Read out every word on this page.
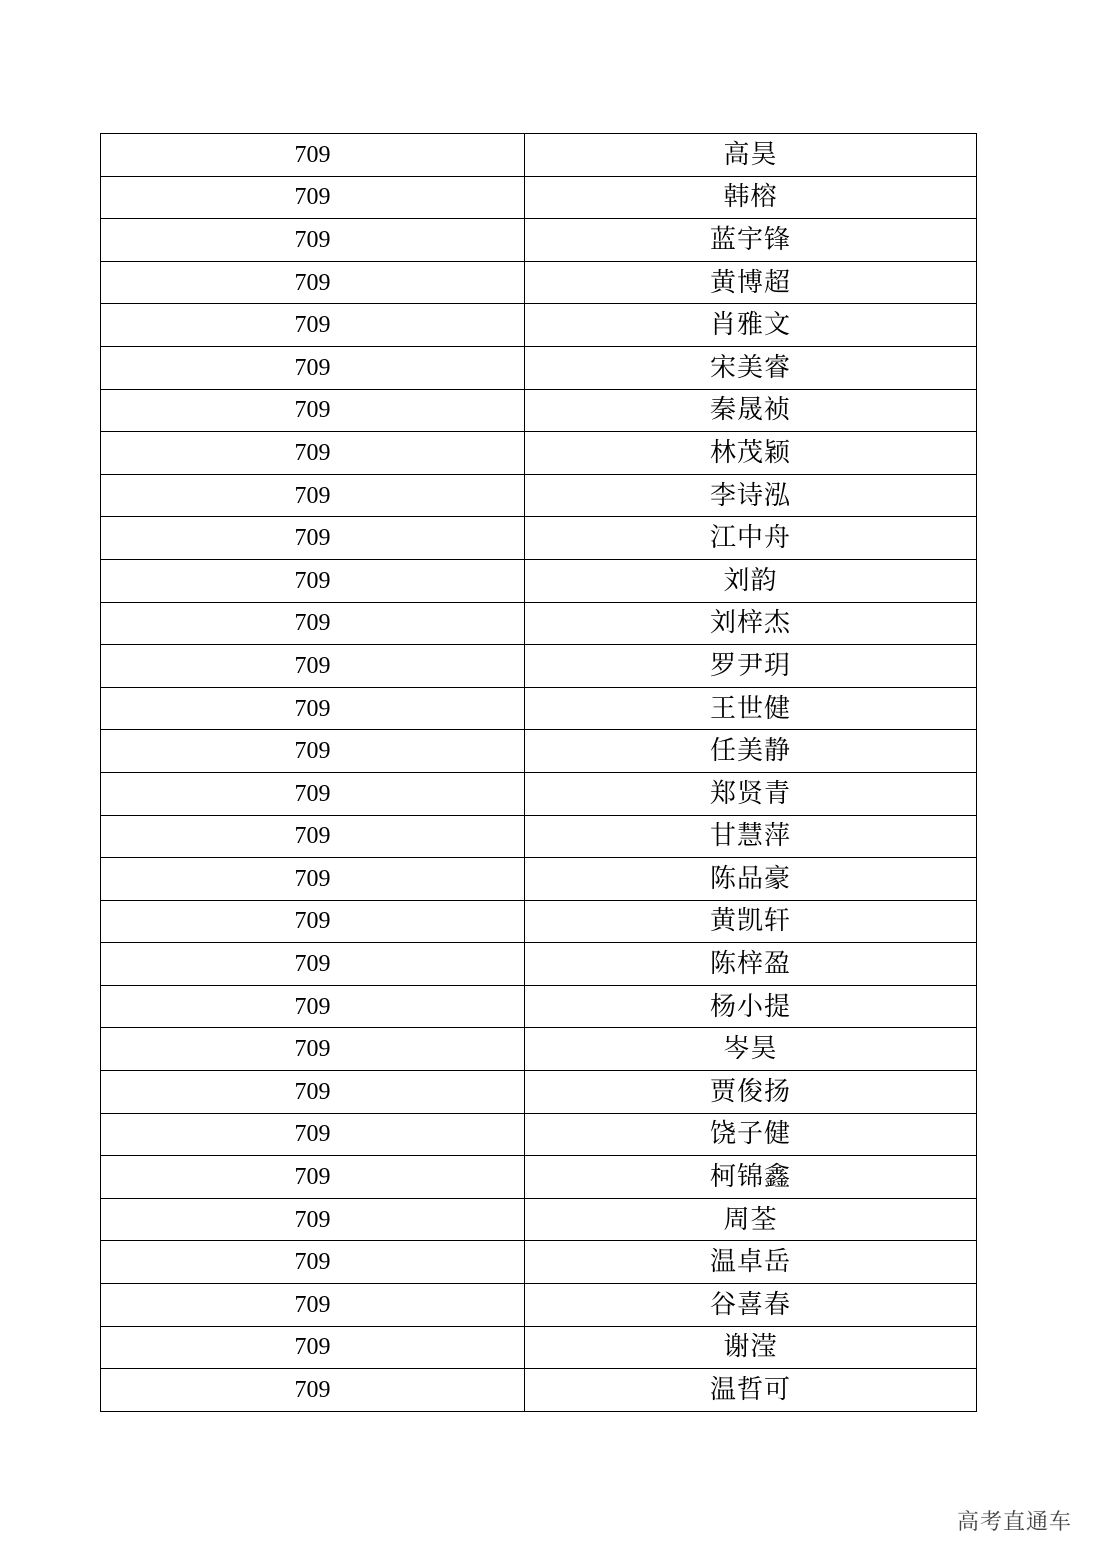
709	高昊
709	韩榕
709	蓝宇锋
709	黄博超
709	肖雅文
709	宋美睿
709	秦晟祯
709	林茂颖
709	李诗泓
709	江中舟
709	刘韵
709	刘梓杰
709	罗尹玥
709	王世健
709	任美静
709	郑贤青
709	甘慧萍
709	陈品豪
709	黄凯轩
709	陈梓盈
709	杨小提
709	岑昊
709	贾俊扬
709	饶子健
709	柯锦鑫
709	周荃
709	温卓岳
709	谷喜春
709	谢滢
709	温哲可
高考直通车
